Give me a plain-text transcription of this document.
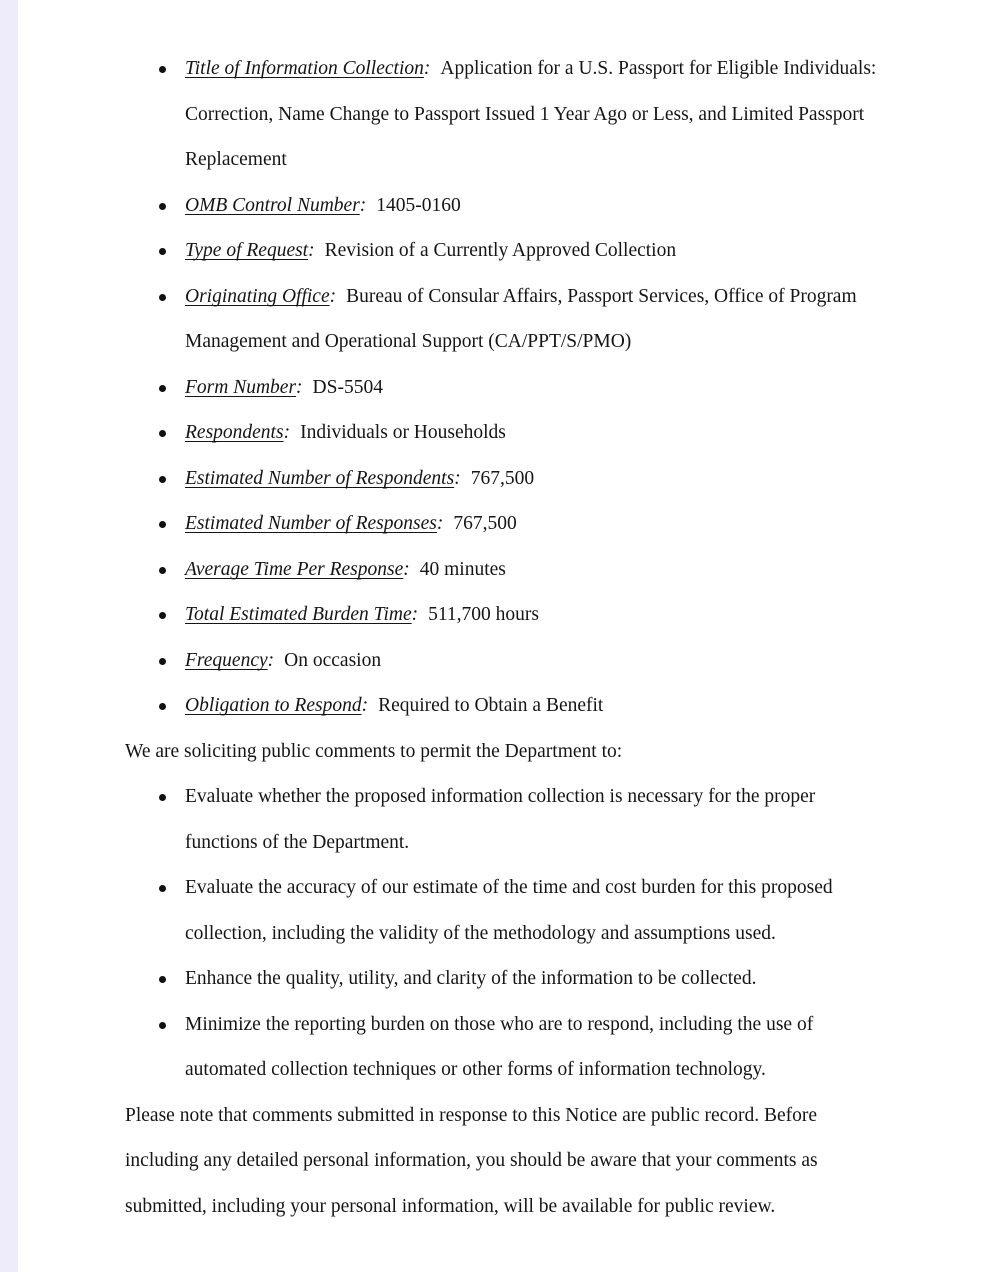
Title of Information Collection: Application for a U.S. Passport for Eligible Individuals:
Correction, Name Change to Passport Issued 1 Year Ago or Less, and Limited Passport
Replacement
OMB Control Number: 1405-0160
Type of Request: Revision of a Currently Approved Collection
Originating Office: Bureau of Consular Affairs, Passport Services, Office of Program
Management and Operational Support (CA/PPT/S/PMO)
Form Number: DS-5504
Respondents: Individuals or Households
Estimated Number of Respondents: 767,500
Estimated Number of Responses: 767,500
Average Time Per Response: 40 minutes
Total Estimated Burden Time: 511,700 hours
Frequency: On occasion
Obligation to Respond: Required to Obtain a Benefit
We are soliciting public comments to permit the Department to:
Evaluate whether the proposed information collection is necessary for the proper
functions of the Department.
Evaluate the accuracy of our estimate of the time and cost burden for this proposed
collection, including the validity of the methodology and assumptions used.
Enhance the quality, utility, and clarity of the information to be collected.
Minimize the reporting burden on those who are to respond, including the use of
automated collection techniques or other forms of information technology.
Please note that comments submitted in response to this Notice are public record. Before
including any detailed personal information, you should be aware that your comments as
submitted, including your personal information, will be available for public review.
